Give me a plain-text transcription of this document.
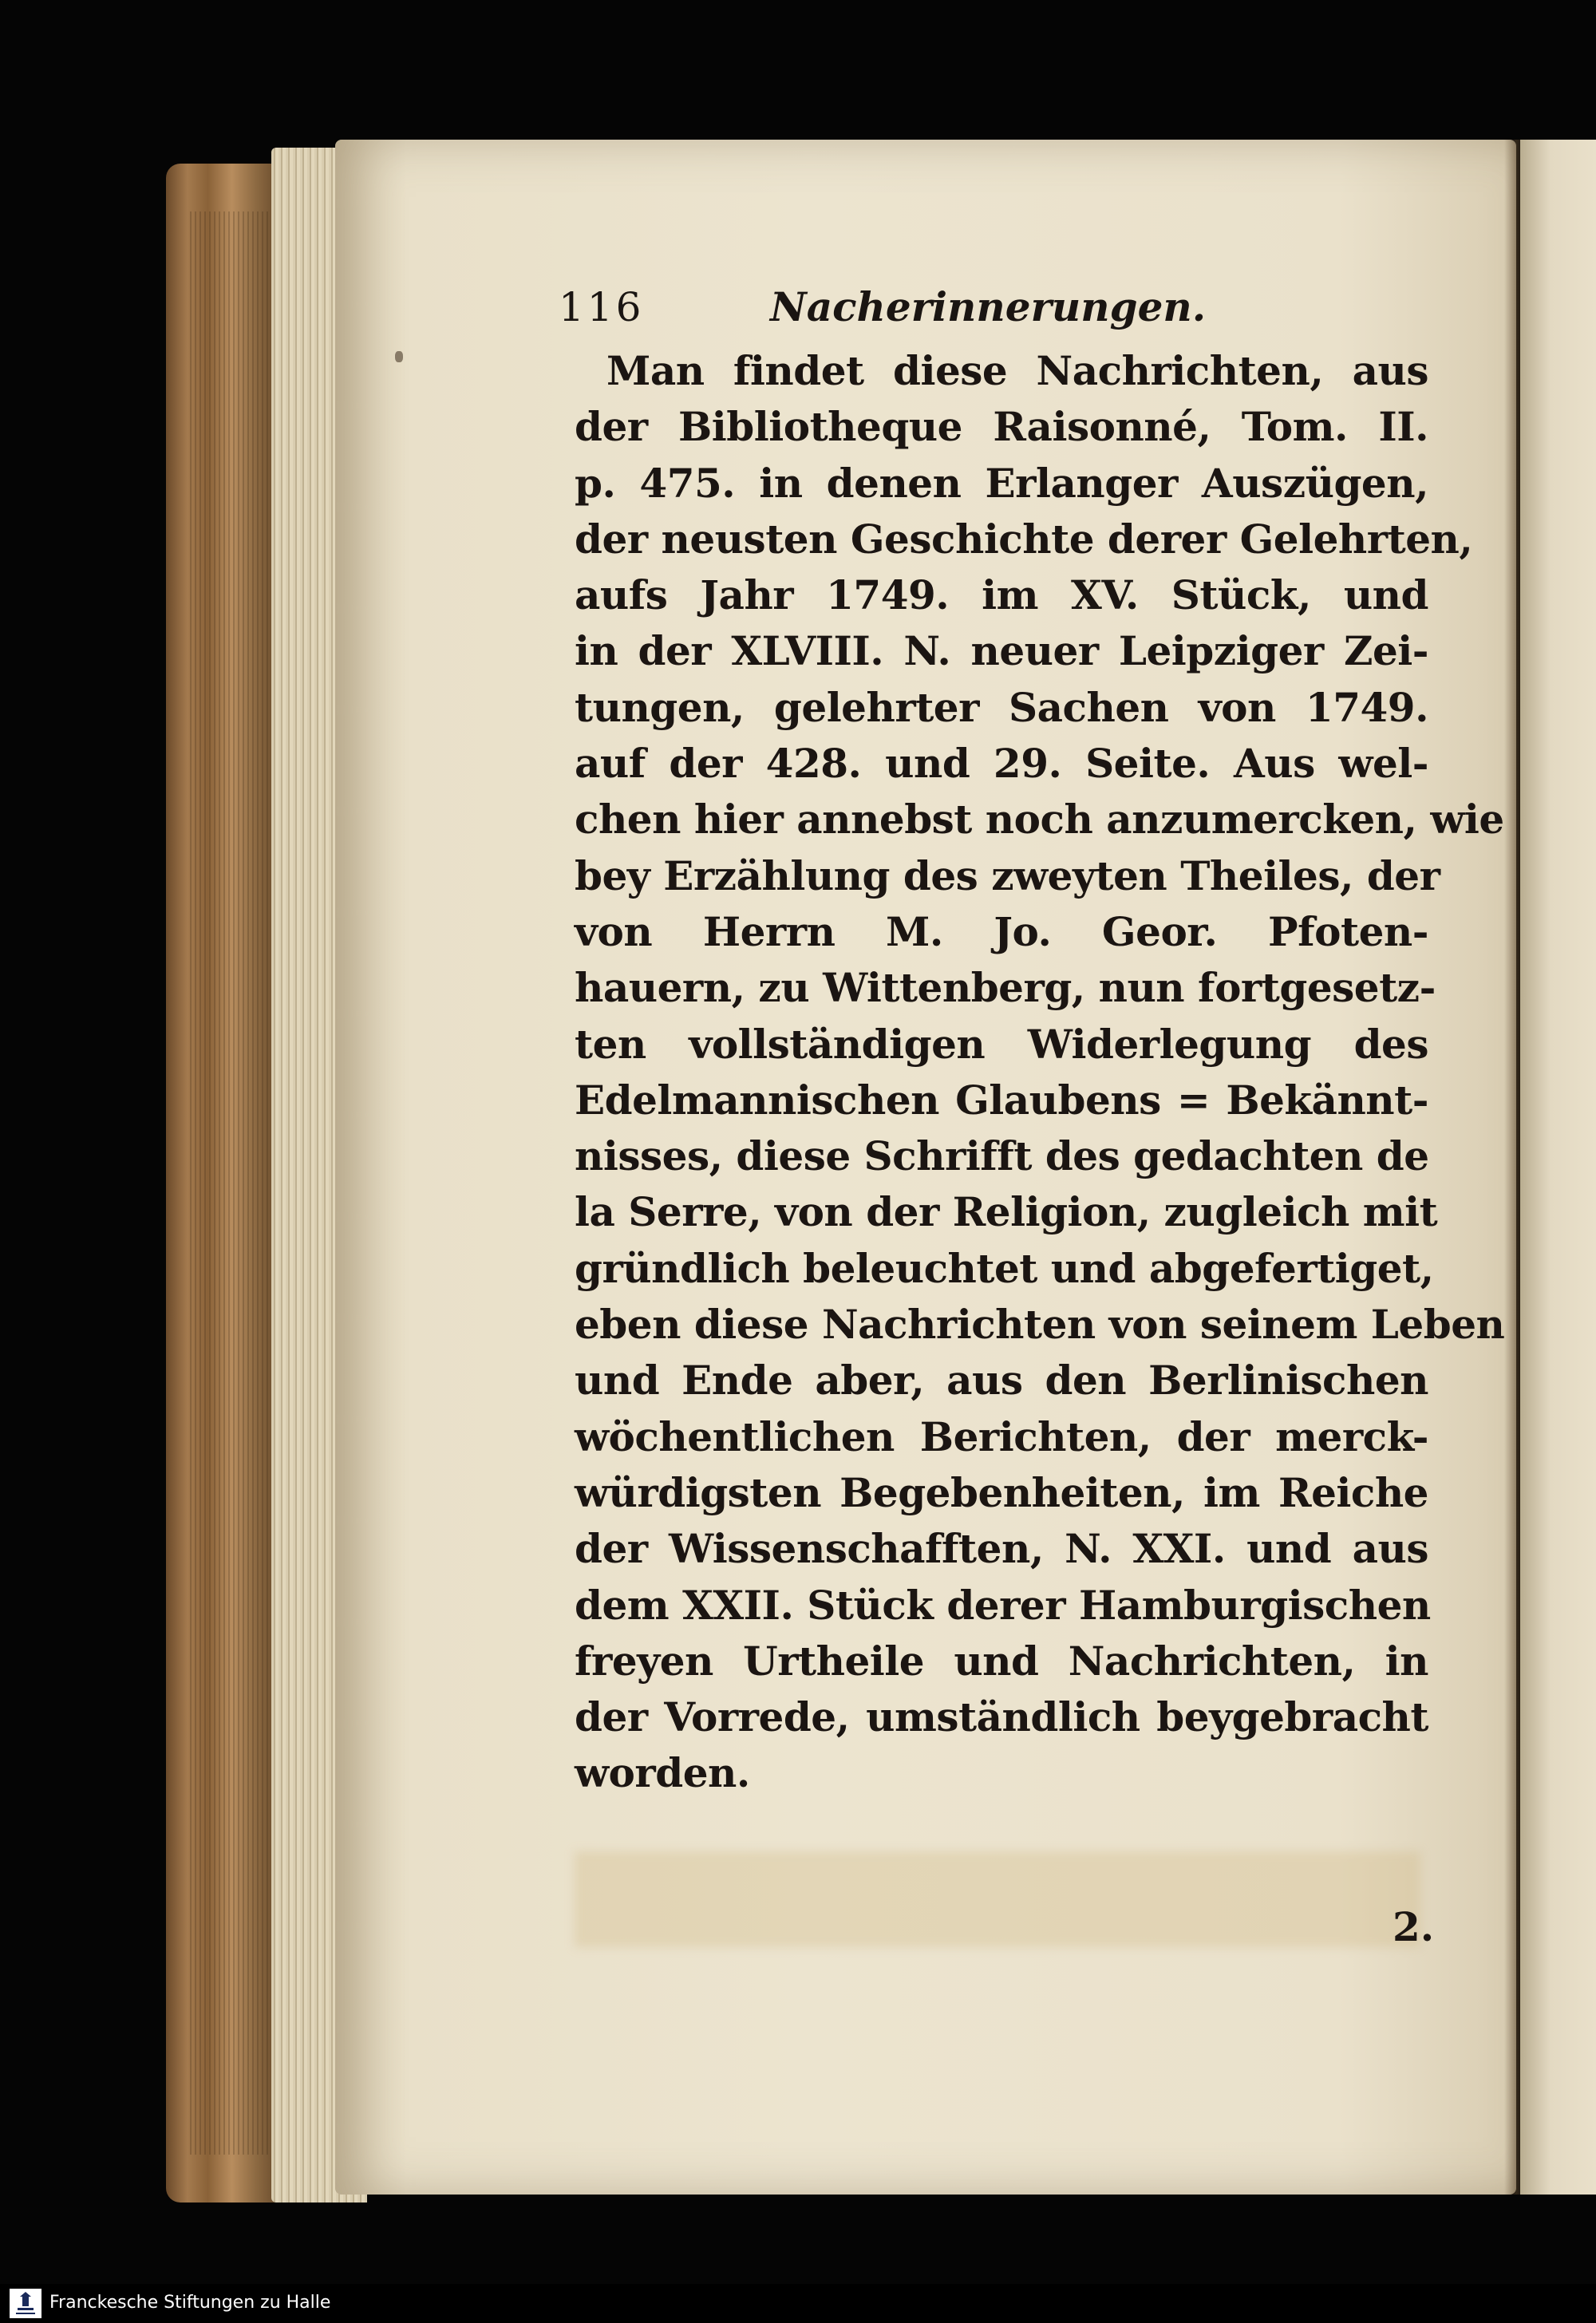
116	Nacherinnerungen.
Man findet diese Nachrichten, aus
der Bibliotheque Raisonné, Tom. II.
p. 475. in denen Erlanger Auszügen,
der neusten Geschichte derer Gelehrten,
aufs Jahr 1749. im XV. Stück, und
in der XLVIII. N. neuer Leipziger Zei-
tungen, gelehrter Sachen von 1749.
auf der 428. und 29. Seite. Aus wel-
chen hier annebst noch anzumercken, wie
bey Erzählung des zweyten Theiles, der
von Herrn M. Jo. Geor. Pfoten-
hauern, zu Wittenberg, nun fortgesetz-
ten vollständigen Widerlegung des
Edelmannischen Glaubens = Bekännt-
nisses, diese Schrifft des gedachten de
la Serre, von der Religion, zugleich mit
gründlich beleuchtet und abgefertiget,
eben diese Nachrichten von seinem Leben
und Ende aber, aus den Berlinischen
wöchentlichen Berichten, der merck-
würdigsten Begebenheiten, im Reiche
der Wissenschafften, N. XXI. und aus
dem XXII. Stück derer Hamburgischen
freyen Urtheile und Nachrichten, in
der Vorrede, umständlich beygebracht
worden.
2.
Franckesche Stiftungen zu Halle
